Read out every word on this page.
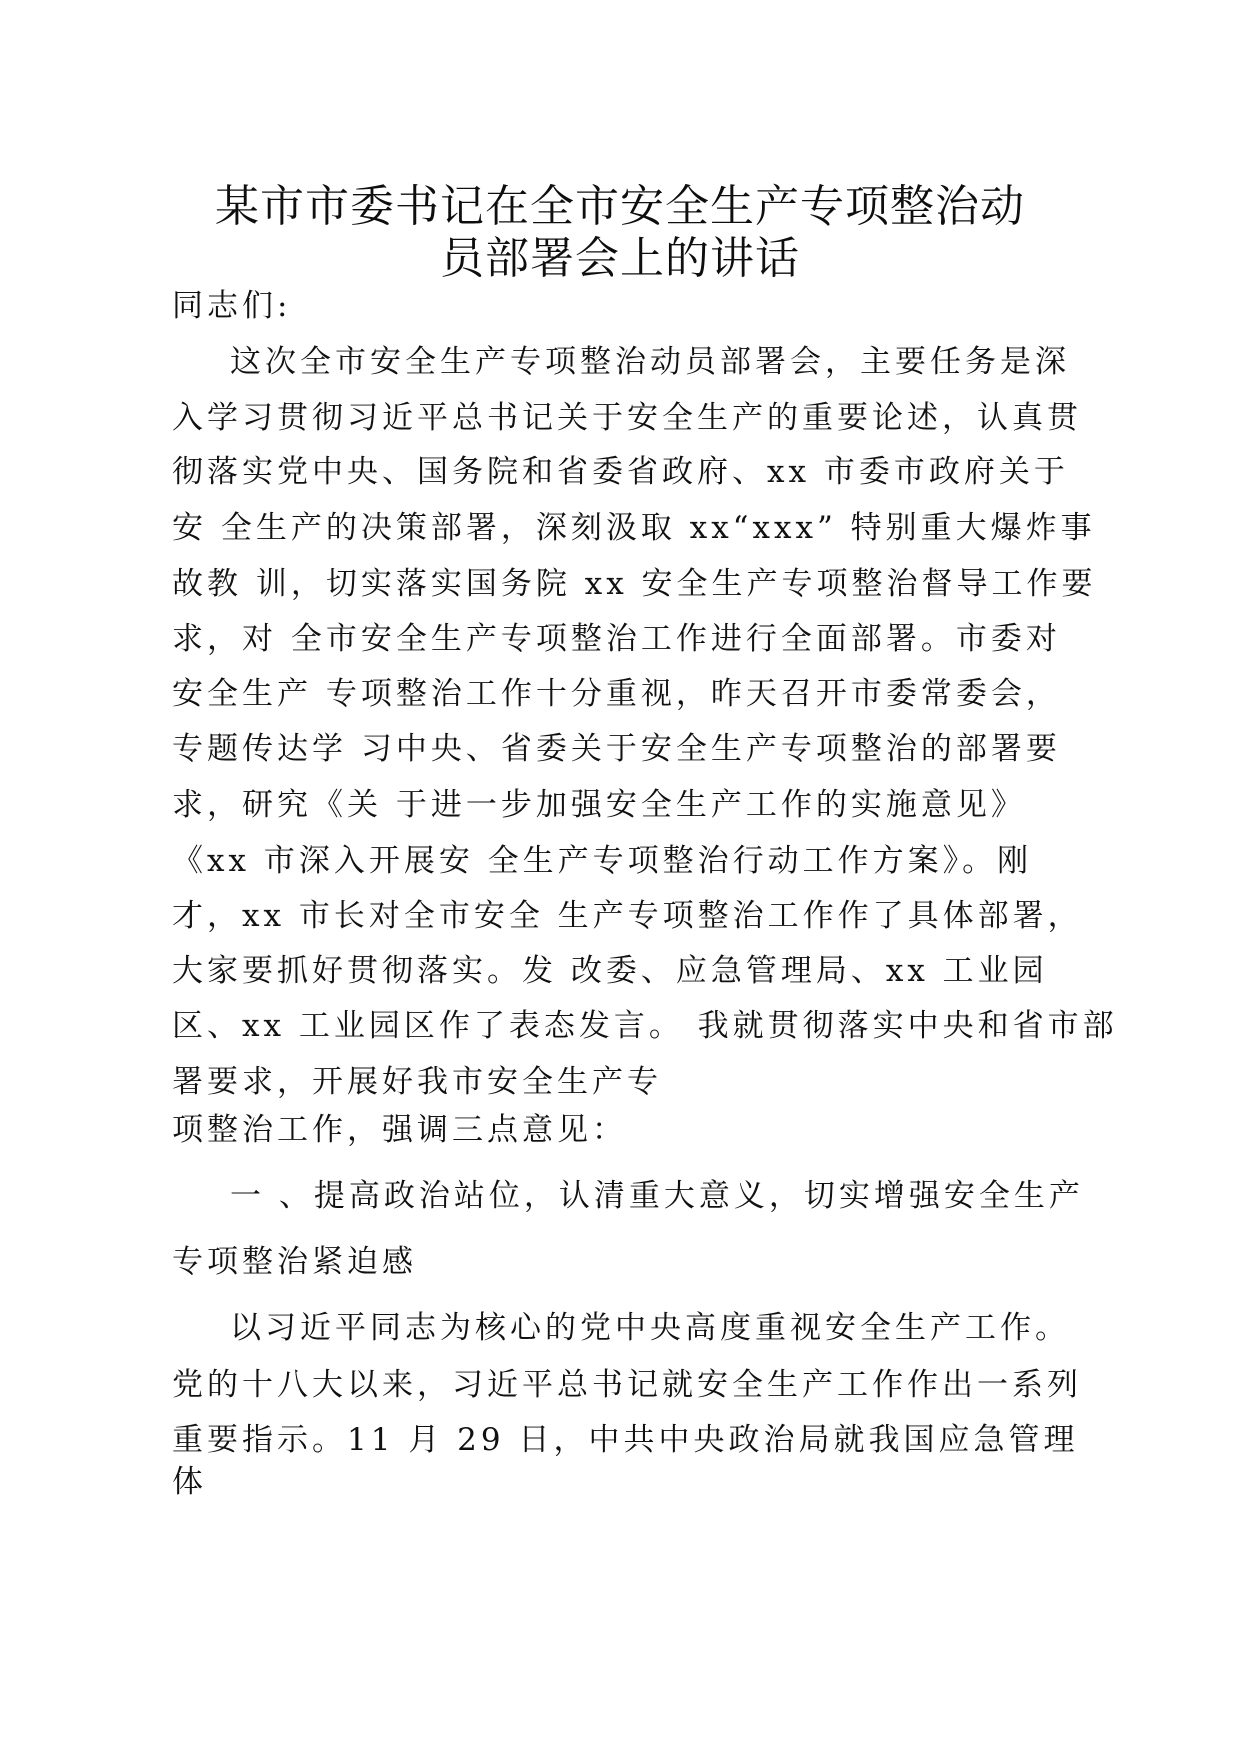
某市市委书记在全市安全生产专项整治动
员部署会上的讲话
同志们:
这次全市安全生产专项整治动员部署会，主要任务是深
入学习贯彻习近平总书记关于安全生产的重要论述，认真贯
彻落实党中央、国务院和省委省政府、xx 市委市政府关于
安 全生产的决策部署，深刻汲取 xx“xxx” 特别重大爆炸事
故教 训，切实落实国务院 xx 安全生产专项整治督导工作要
求，对 全市安全生产专项整治工作进行全面部署。市委对
安全生产 专项整治工作十分重视，昨天召开市委常委会，
专题传达学 习中央、省委关于安全生产专项整治的部署要
求，研究《关 于进一步加强安全生产工作的实施意见》
《xx 市深入开展安 全生产专项整治行动工作方案》。刚
才，xx 市长对全市安全 生产专项整治工作作了具体部署，
大家要抓好贯彻落实。发 改委、应急管理局、xx 工业园
区、xx 工业园区作了表态发言。 我就贯彻落实中央和省市部
署要求，开展好我市安全生产专
项整治工作，强调三点意见：
一 、提高政治站位，认清重大意义，切实增强安全生产
专项整治紧迫感
以习近平同志为核心的党中央高度重视安全生产工作。
党的十八大以来，习近平总书记就安全生产工作作出一系列
重要指示。11 月 29 日，中共中央政治局就我国应急管理
体
